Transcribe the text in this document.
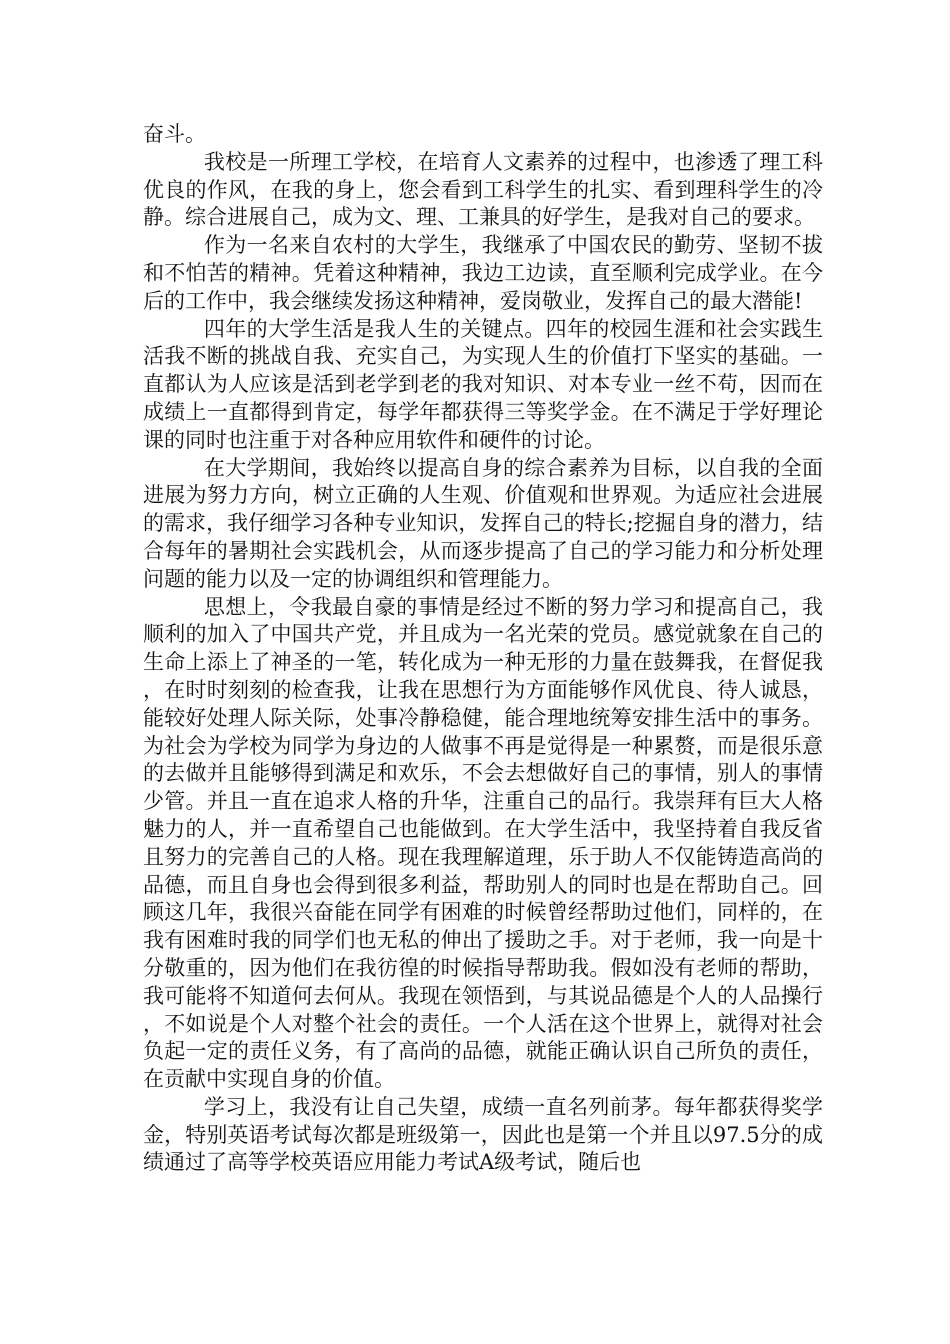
奋斗。

我校是一所理工学校，在培育人文素养的过程中，也渗透了理工科优良的作风，在我的身上，您会看到工科学生的扎实、看到理科学生的冷静。综合进展自己，成为文、理、工兼具的好学生，是我对自己的要求。

作为一名来自农村的大学生，我继承了中国农民的勤劳、坚韧不拔和不怕苦的精神。凭着这种精神，我边工边读，直至顺利完成学业。在今后的工作中，我会继续发扬这种精神，爱岗敬业，发挥自己的最大潜能!

四年的大学生活是我人生的关键点。四年的校园生涯和社会实践生活我不断的挑战自我、充实自己，为实现人生的价值打下坚实的基础。一直都认为人应该是活到老学到老的我对知识、对本专业一丝不苟，因而在成绩上一直都得到肯定，每学年都获得三等奖学金。在不满足于学好理论课的同时也注重于对各种应用软件和硬件的讨论。

在大学期间，我始终以提高自身的综合素养为目标，以自我的全面进展为努力方向，树立正确的人生观、价值观和世界观。为适应社会进展的需求，我仔细学习各种专业知识，发挥自己的特长;挖掘自身的潜力，结合每年的暑期社会实践机会，从而逐步提高了自己的学习能力和分析处理问题的能力以及一定的协调组织和管理能力。

思想上，令我最自豪的事情是经过不断的努力学习和提高自己，我顺利的加入了中国共产党，并且成为一名光荣的党员。感觉就象在自己的生命上添上了神圣的一笔，转化成为一种无形的力量在鼓舞我，在督促我，在时时刻刻的检查我，让我在思想行为方面能够作风优良、待人诚恳，能较好处理人际关际，处事冷静稳健，能合理地统筹安排生活中的事务。为社会为学校为同学为身边的人做事不再是觉得是一种累赘，而是很乐意的去做并且能够得到满足和欢乐，不会去想做好自己的事情，别人的事情少管。并且一直在追求人格的升华，注重自己的品行。我崇拜有巨大人格魅力的人，并一直希望自己也能做到。在大学生活中，我坚持着自我反省且努力的完善自己的人格。现在我理解道理，乐于助人不仅能铸造高尚的品德，而且自身也会得到很多利益，帮助别人的同时也是在帮助自己。回顾这几年，我很兴奋能在同学有困难的时候曾经帮助过他们，同样的，在我有困难时我的同学们也无私的伸出了援助之手。对于老师，我一向是十分敬重的，因为他们在我彷徨的时候指导帮助我。假如没有老师的帮助，我可能将不知道何去何从。我现在领悟到，与其说品德是个人的人品操行，不如说是个人对整个社会的责任。一个人活在这个世界上，就得对社会负起一定的责任义务，有了高尚的品德，就能正确认识自己所负的责任，在贡献中实现自身的价值。

学习上，我没有让自己失望，成绩一直名列前茅。每年都获得奖学金，特别英语考试每次都是班级第一，因此也是第一个并且以97.5分的成绩通过了高等学校英语应用能力考试A级考试，随后也
